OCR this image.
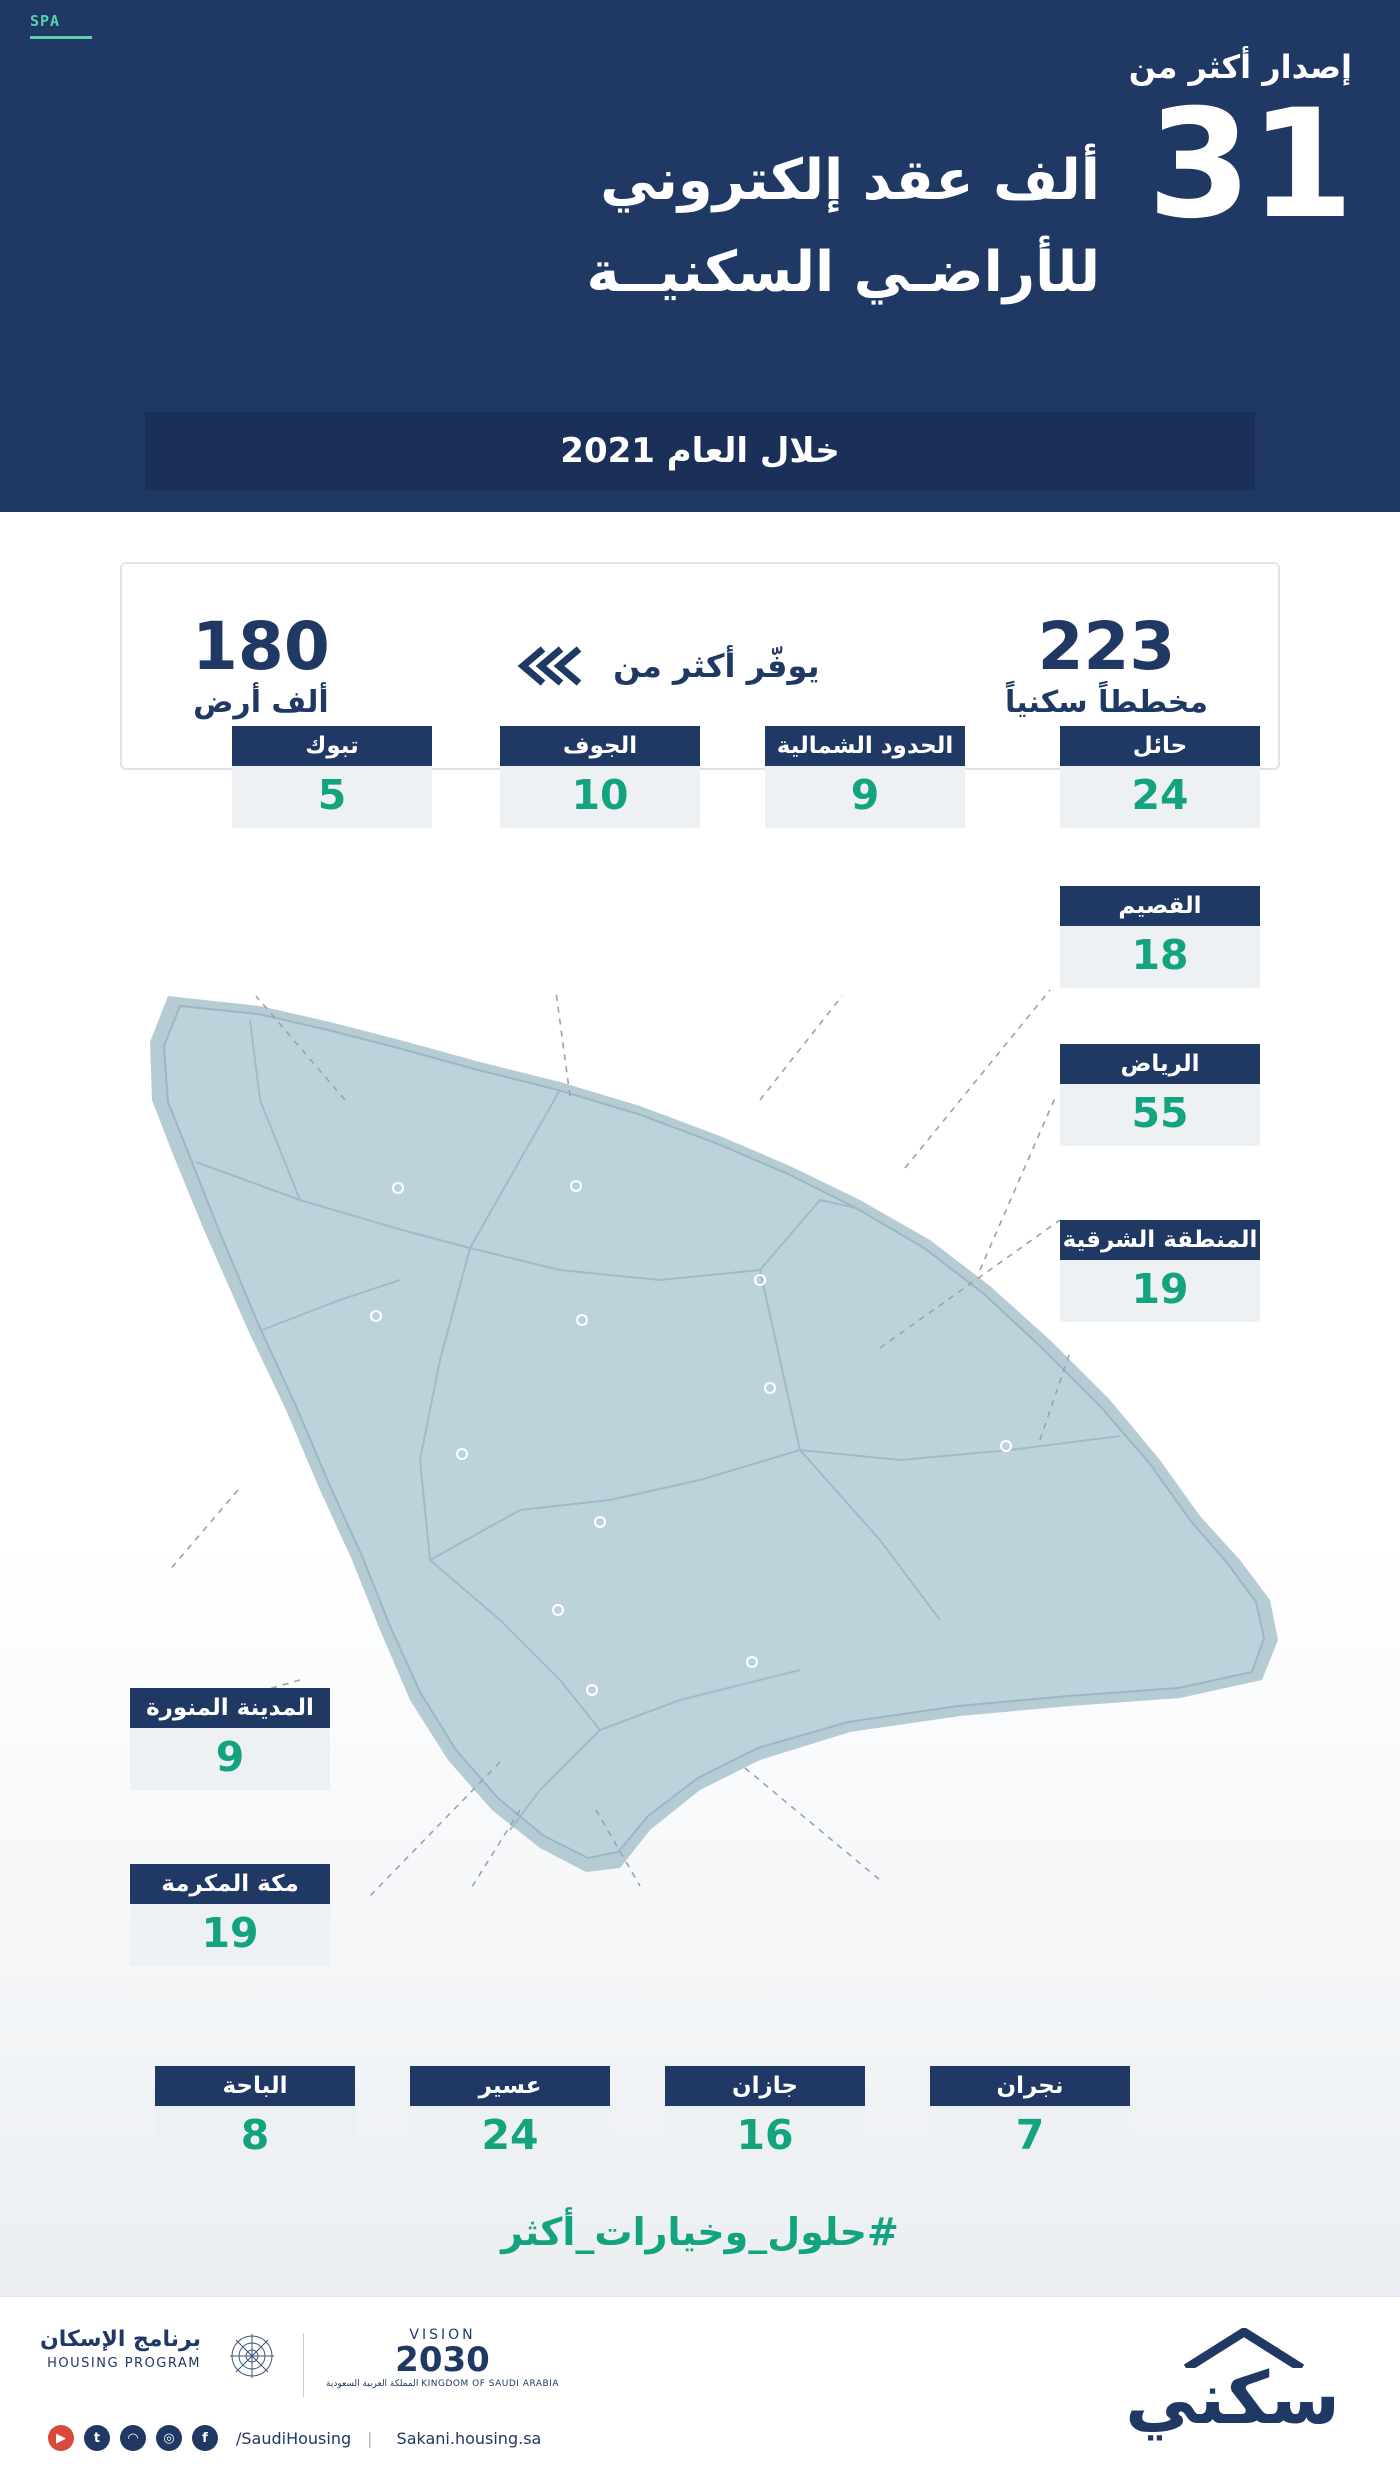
SPA
إصدار أكثر من
31
ألف عقد إلكتروني
للأراضـي السكنيــة
خلال العام 2021
223
مخططاً سكنياً
يوفّر أكثر من
180
ألف أرض
تبوك
5
الجوف
10
الحدود الشمالية
9
حائل
24
القصيم
18
الرياض
55
المنطقة الشرقية
19
المدينة المنورة
9
مكة المكرمة
19
الباحة
8
عسير
24
جازان
16
نجران
7
#حلول_وخيارات_أكثر
برنامج الإسكان
HOUSING PROGRAM
VISION
2030
المملكة العربية السعودية KINGDOM OF SAUDI ARABIA
▶	t	◠	◎	f	/SaudiHousing | Sakani.housing.sa	سكني
